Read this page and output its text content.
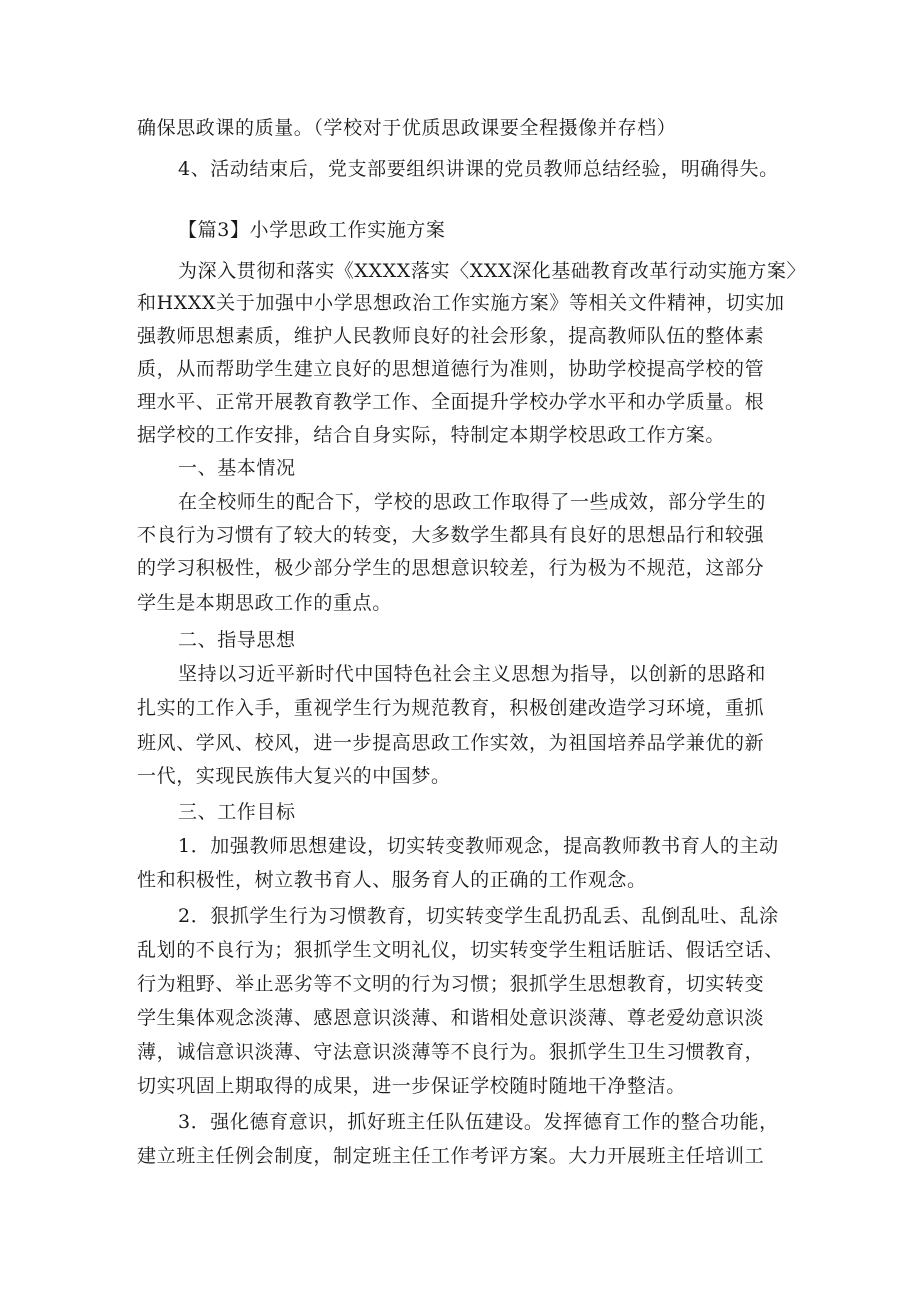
确保思政课的质量。（学校对于优质思政课要全程摄像并存档）
4、活动结束后，党支部要组织讲课的党员教师总结经验，明确得失。
【篇3】小学思政工作实施方案
为深入贯彻和落实《XXXX落实〈XXX深化基础教育改革行动实施方案〉
和HXXX关于加强中小学思想政治工作实施方案》等相关文件精神，切实加
强教师思想素质，维护人民教师良好的社会形象，提高教师队伍的整体素
质，从而帮助学生建立良好的思想道德行为准则，协助学校提高学校的管
理水平、正常开展教育教学工作、全面提升学校办学水平和办学质量。根
据学校的工作安排，结合自身实际，特制定本期学校思政工作方案。
一、基本情况
在全校师生的配合下，学校的思政工作取得了一些成效，部分学生的
不良行为习惯有了较大的转变，大多数学生都具有良好的思想品行和较强
的学习积极性，极少部分学生的思想意识较差，行为极为不规范，这部分
学生是本期思政工作的重点。
二、指导思想
坚持以习近平新时代中国特色社会主义思想为指导，以创新的思路和
扎实的工作入手，重视学生行为规范教育，积极创建改造学习环境，重抓
班风、学风、校风，进一步提高思政工作实效，为祖国培养品学兼优的新
一代，实现民族伟大复兴的中国梦。
三、工作目标
1．加强教师思想建设，切实转变教师观念，提高教师教书育人的主动
性和积极性，树立教书育人、服务育人的正确的工作观念。
2．狠抓学生行为习惯教育，切实转变学生乱扔乱丢、乱倒乱吐、乱涂
乱划的不良行为；狠抓学生文明礼仪，切实转变学生粗话脏话、假话空话、
行为粗野、举止恶劣等不文明的行为习惯；狠抓学生思想教育，切实转变
学生集体观念淡薄、感恩意识淡薄、和谐相处意识淡薄、尊老爱幼意识淡
薄，诚信意识淡薄、守法意识淡薄等不良行为。狠抓学生卫生习惯教育，
切实巩固上期取得的成果，进一步保证学校随时随地干净整洁。
3．强化德育意识，抓好班主任队伍建设。发挥德育工作的整合功能，
建立班主任例会制度，制定班主任工作考评方案。大力开展班主任培训工
